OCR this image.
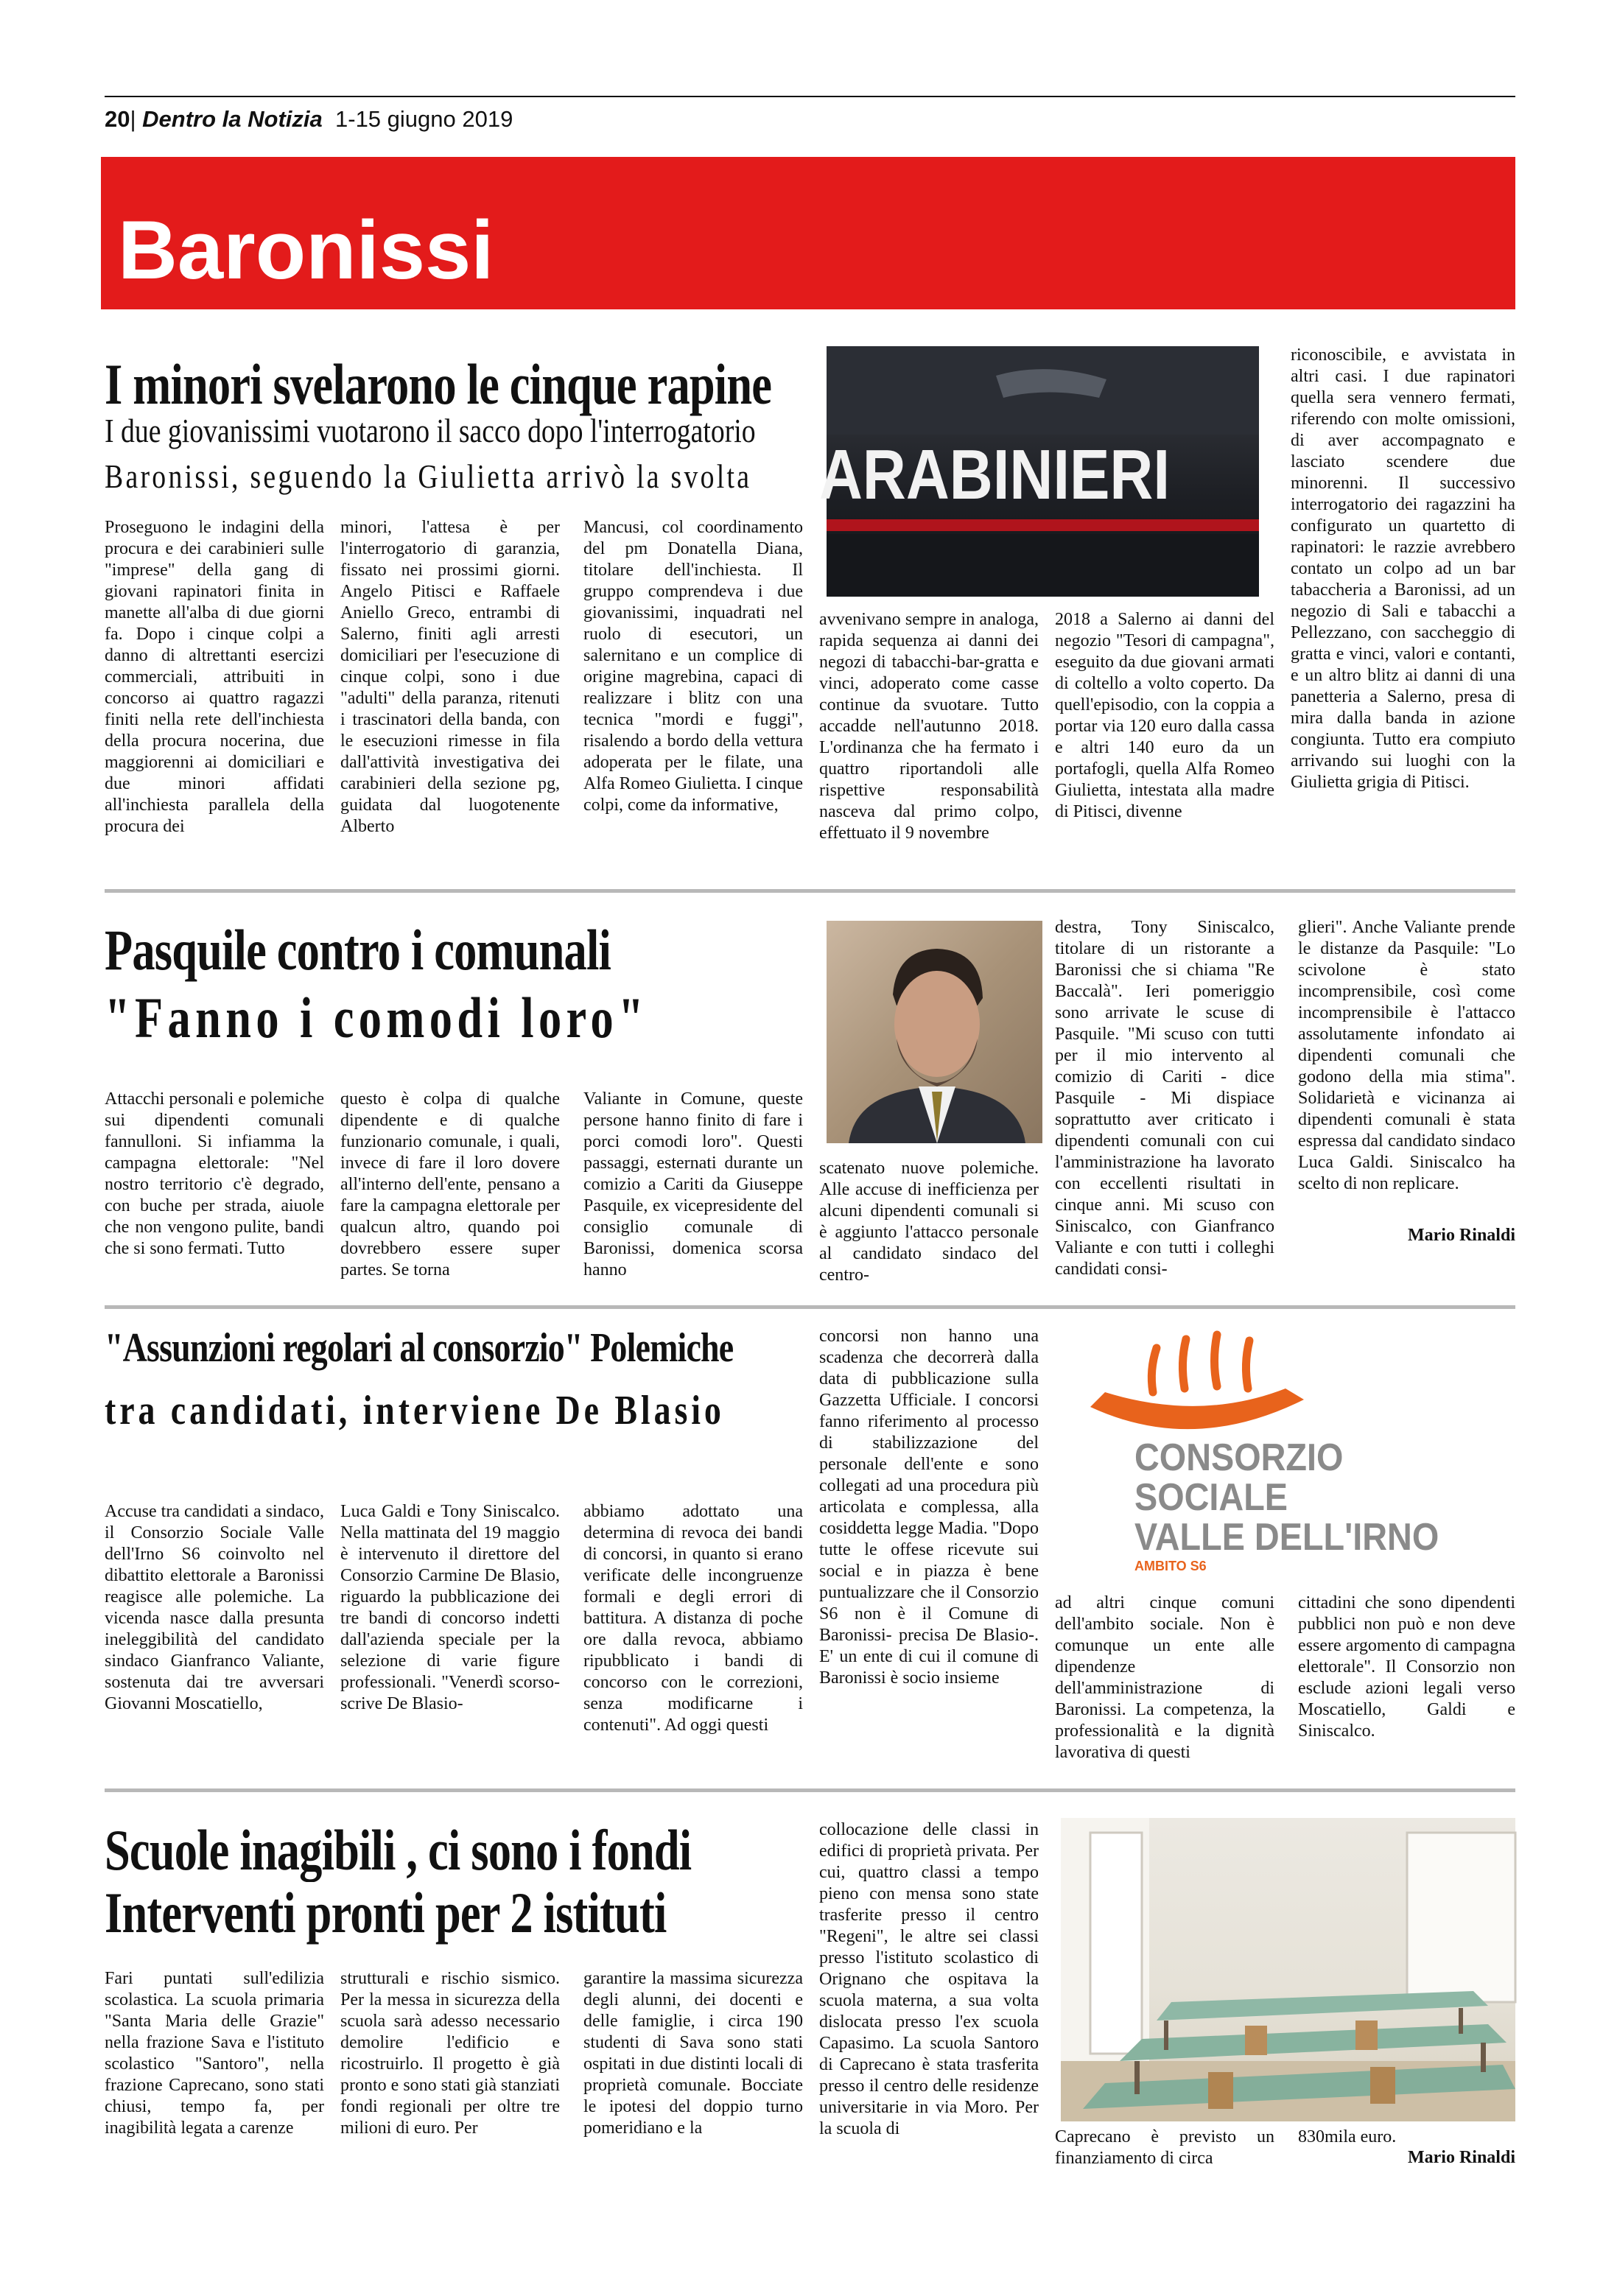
20| Dentro la Notizia 1-15 giugno 2019
Baronissi
I minori svelarono le cinque rapine
I due giovanissimi vuotarono il sacco dopo l'interrogatorio
Baronissi, seguendo la Giulietta arrivò la svolta ARABINIERI
Proseguono le indagini della procura e dei carabinieri sulle "imprese" della gang di giovani rapinatori finita in manette all'alba di due giorni fa. Dopo i cinque colpi a danno di altrettanti esercizi commerciali, attribuiti in concorso ai quattro ragazzi finiti nella rete dell'inchiesta della procura nocerina, due maggiorenni ai domiciliari e due minori affidati all'inchiesta parallela della procura dei
minori, l'attesa è per l'interrogatorio di garanzia, fissato nei prossimi giorni. Angelo Pitisci e Raffaele Aniello Greco, entrambi di Salerno, finiti agli arresti domiciliari per l'esecuzione di cinque colpi, sono i due "adulti" della paranza, ritenuti i trascinatori della banda, con le esecuzioni rimesse in fila dall'attività investigativa dei carabinieri della sezione pg, guidata dal luogotenente Alberto
Mancusi, col coordinamento del pm Donatella Diana, titolare dell'inchiesta. Il gruppo comprendeva i due giovanissimi, inquadrati nel ruolo di esecutori, un salernitano e un complice di origine magrebina, capaci di realizzare i blitz con una tecnica "mordi e fuggi", risalendo a bordo della vettura adoperata per le filate, una Alfa Romeo Giulietta. I cinque colpi, come da informative,
avvenivano sempre in analoga, rapida sequenza ai danni dei negozi di tabacchi-bar-gratta e vinci, adoperato come casse continue da svuotare. Tutto accadde nell'autunno 2018. L'ordinanza che ha fermato i quattro riportandoli alle rispettive responsabilità nasceva dal primo colpo, effettuato il 9 novembre
2018 a Salerno ai danni del negozio "Tesori di campagna", eseguito da due giovani armati di coltello a volto coperto. Da quell'episodio, con la coppia a portar via 120 euro dalla cassa e altri 140 euro da un portafogli, quella Alfa Romeo Giulietta, intestata alla madre di Pitisci, divenne
riconoscibile, e avvistata in altri casi. I due rapinatori quella sera vennero fermati, riferendo con molte omissioni, di aver accompagnato e lasciato scendere due minorenni. Il successivo interrogatorio dei ragazzini ha configurato un quartetto di rapinatori: le razzie avrebbero contato un colpo ad un bar tabaccheria a Baronissi, ad un negozio di Sali e tabacchi a Pellezzano, con saccheggio di gratta e vinci, valori e contanti, e un altro blitz ai danni di una panetteria a Salerno, presa di mira dalla banda in azione congiunta. Tutto era compiuto arrivando sui luoghi con la Giulietta grigia di Pitisci.
Pasquile contro i comunali
"Fanno i comodi loro"
Attacchi personali e polemiche sui dipendenti comunali fannulloni. Si infiamma la campagna elettorale: "Nel nostro territorio c'è degrado, con buche per strada, aiuole che non vengono pulite, bandi che si sono fermati. Tutto
questo è colpa di qualche dipendente e di qualche funzionario comunale, i quali, invece di fare il loro dovere all'interno dell'ente, pensano a fare la campagna elettorale per qualcun altro, quando poi dovrebbero essere super partes. Se torna
Valiante in Comune, queste persone hanno finito di fare i porci comodi loro". Questi passaggi, esternati durante un comizio a Cariti da Giuseppe Pasquile, ex vicepresidente del consiglio comunale di Baronissi, domenica scorsa hanno
scatenato nuove polemiche. Alle accuse di inefficienza per alcuni dipendenti comunali si è aggiunto l'attacco personale al candidato sindaco del centro-
destra, Tony Siniscalco, titolare di un ristorante a Baronissi che si chiama "Re Baccalà". Ieri pomeriggio sono arrivate le scuse di Pasquile. "Mi scuso con tutti per il mio intervento al comizio di Cariti - dice Pasquile - Mi dispiace soprattutto aver criticato i dipendenti comunali con cui l'amministrazione ha lavorato con eccellenti risultati in cinque anni. Mi scuso con Siniscalco, con Gianfranco Valiante e con tutti i colleghi candidati consi-
glieri". Anche Valiante prende le distanze da Pasquile: "Lo scivolone è stato incomprensibile, così come incomprensibile è l'attacco assolutamente infondato ai dipendenti comunali che godono della mia stima". Solidarietà e vicinanza ai dipendenti comunali è stata espressa dal candidato sindaco Luca Galdi. Siniscalco ha scelto di non replicare.
Mario Rinaldi
"Assunzioni regolari al consorzio" Polemiche
tra candidati, interviene De Blasio
CONSORZIO
SOCIALE
VALLE DELL'IRNO
AMBITO S6
Accuse tra candidati a sindaco, il Consorzio Sociale Valle dell'Irno S6 coinvolto nel dibattito elettorale a Baronissi reagisce alle polemiche. La vicenda nasce dalla presunta ineleggibilità del candidato sindaco Gianfranco Valiante, sostenuta dai tre avversari Giovanni Moscatiello,
Luca Galdi e Tony Siniscalco. Nella mattinata del 19 maggio è intervenuto il direttore del Consorzio Carmine De Blasio, riguardo la pubblicazione dei tre bandi di concorso indetti dall'azienda speciale per la selezione di varie figure professionali. "Venerdì scorso- scrive De Blasio-
abbiamo adottato una determina di revoca dei bandi di concorsi, in quanto si erano verificate delle incongruenze formali e degli errori di battitura. A distanza di poche ore dalla revoca, abbiamo ripubblicato i bandi di concorso con le correzioni, senza modificarne i contenuti". Ad oggi questi
concorsi non hanno una scadenza che decorrerà dalla data di pubblicazione sulla Gazzetta Ufficiale. I concorsi fanno riferimento al processo di stabilizzazione del personale dell'ente e sono collegati ad una procedura più articolata e complessa, alla cosiddetta legge Madia. "Dopo tutte le offese ricevute sui social e in piazza è bene puntualizzare che il Consorzio S6 non è il Comune di Baronissi- precisa De Blasio-. E' un ente di cui il comune di Baronissi è socio insieme
ad altri cinque comuni dell'ambito sociale. Non è comunque un ente alle dipendenze dell'amministrazione di Baronissi. La competenza, la professionalità e la dignità lavorativa di questi
cittadini che sono dipendenti pubblici non può e non deve essere argomento di campagna elettorale". Il Consorzio non esclude azioni legali verso Moscatiello, Galdi e Siniscalco.
Scuole inagibili , ci sono i fondi
Interventi pronti per 2 istituti
Fari puntati sull'edilizia scolastica. La scuola primaria "Santa Maria delle Grazie" nella frazione Sava e l'istituto scolastico "Santoro", nella frazione Caprecano, sono stati chiusi, tempo fa, per inagibilità legata a carenze
strutturali e rischio sismico. Per la messa in sicurezza della scuola sarà adesso necessario demolire l'edificio e ricostruirlo. Il progetto è già pronto e sono stati già stanziati fondi regionali per oltre tre milioni di euro. Per
garantire la massima sicurezza degli alunni, dei docenti e delle famiglie, i circa 190 studenti di Sava sono stati ospitati in due distinti locali di proprietà comunale. Bocciate le ipotesi del doppio turno pomeridiano e la
collocazione delle classi in edifici di proprietà privata. Per cui, quattro classi a tempo pieno con mensa sono state trasferite presso il centro "Regeni", le altre sei classi presso l'istituto scolastico di Orignano che ospitava la scuola materna, a sua volta dislocata presso l'ex scuola Capasimo. La scuola Santoro di Caprecano è stata trasferita presso il centro delle residenze universitarie in via Moro. Per la scuola di	Caprecano è previsto un finanziamento di circa
830mila euro.
Mario Rinaldi
